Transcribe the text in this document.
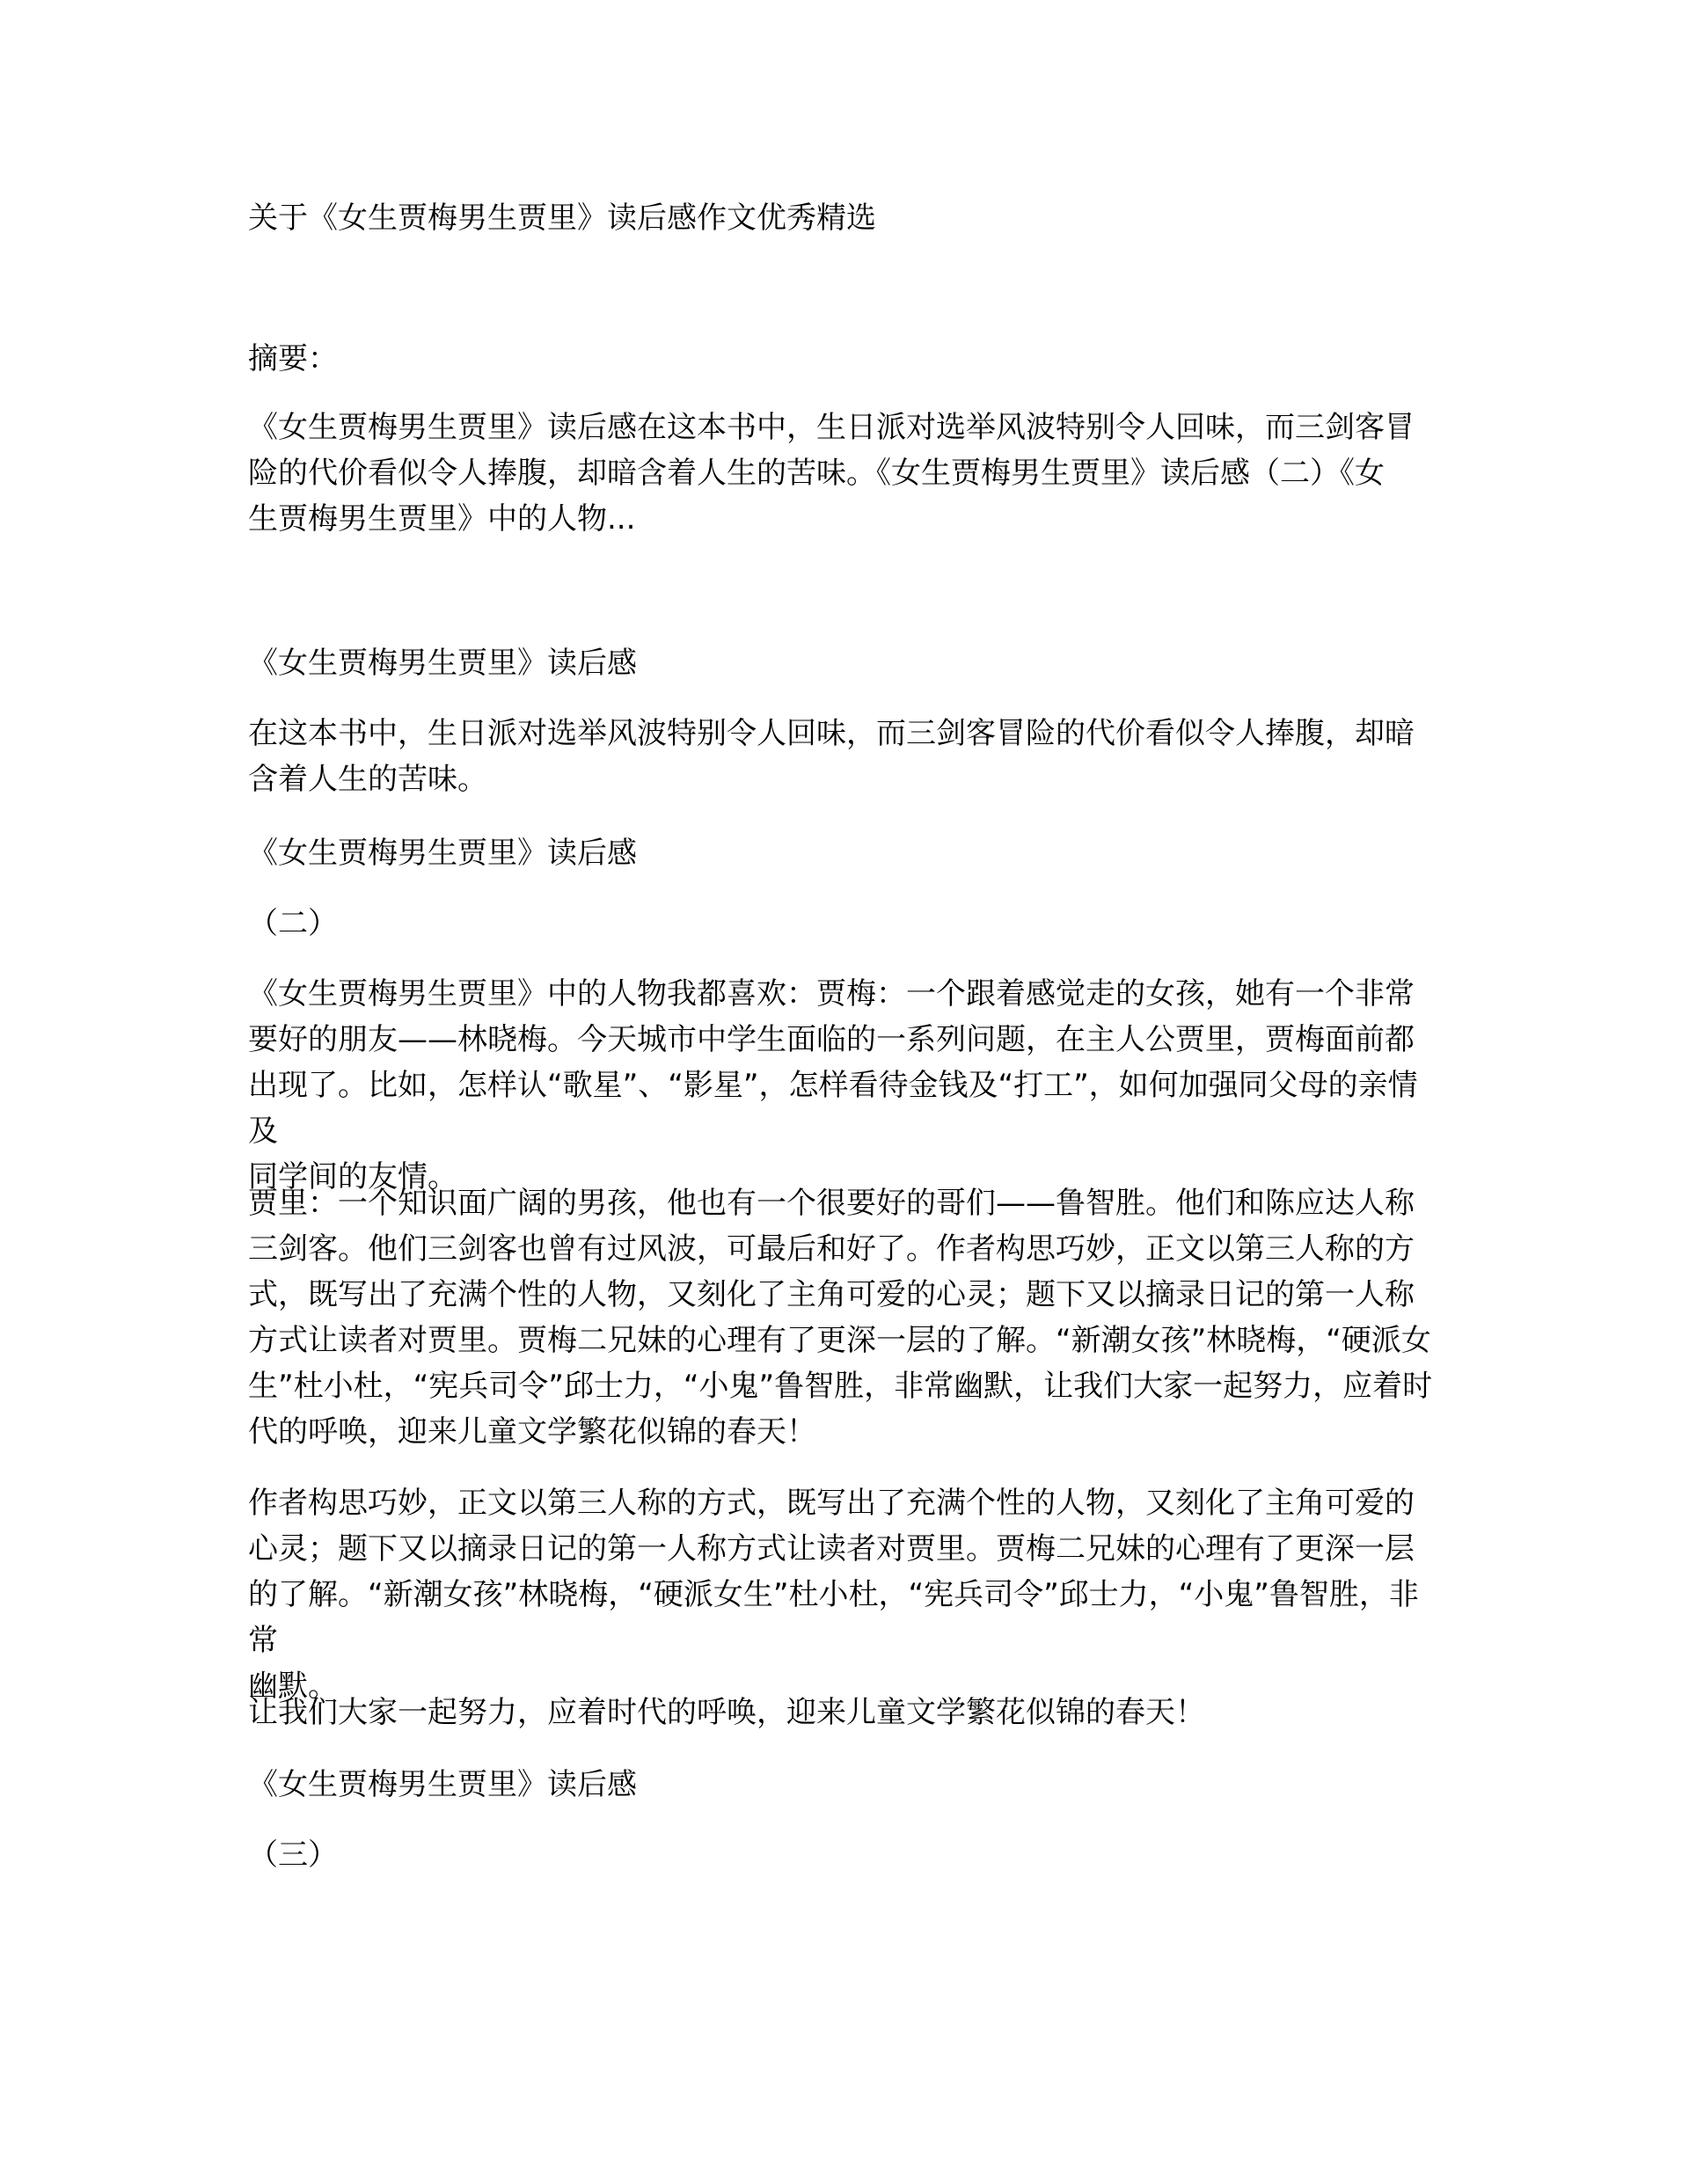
关于《女生贾梅男生贾里》读后感作文优秀精选

摘要：

《女生贾梅男生贾里》读后感在这本书中，生日派对选举风波特别令人回味，而三剑客冒

险的代价看似令人捧腹，却暗含着人生的苦味。《女生贾梅男生贾里》读后感（二）《女

生贾梅男生贾里》中的人物...

《女生贾梅男生贾里》读后感

在这本书中，生日派对选举风波特别令人回味，而三剑客冒险的代价看似令人捧腹，却暗

含着人生的苦味。

《女生贾梅男生贾里》读后感

（二）

《女生贾梅男生贾里》中的人物我都喜欢：贾梅：一个跟着感觉走的女孩，她有一个非常

要好的朋友——林晓梅。今天城市中学生面临的一系列问题，在主人公贾里，贾梅面前都

出现了。比如，怎样认“歌星”、“影星”，怎样看待金钱及“打工”，如何加强同父母的亲情及

同学间的友情。

贾里：一个知识面广阔的男孩，他也有一个很要好的哥们——鲁智胜。他们和陈应达人称

三剑客。他们三剑客也曾有过风波，可最后和好了。作者构思巧妙，正文以第三人称的方

式，既写出了充满个性的人物，又刻化了主角可爱的心灵；题下又以摘录日记的第一人称

方式让读者对贾里。贾梅二兄妹的心理有了更深一层的了解。“新潮女孩”林晓梅，“硬派女

生”杜小杜，“宪兵司令”邱士力，“小鬼”鲁智胜，非常幽默，让我们大家一起努力，应着时

代的呼唤，迎来儿童文学繁花似锦的春天！

作者构思巧妙，正文以第三人称的方式，既写出了充满个性的人物，又刻化了主角可爱的

心灵；题下又以摘录日记的第一人称方式让读者对贾里。贾梅二兄妹的心理有了更深一层

的了解。“新潮女孩”林晓梅，“硬派女生”杜小杜，“宪兵司令”邱士力，“小鬼”鲁智胜，非常

幽默。

让我们大家一起努力，应着时代的呼唤，迎来儿童文学繁花似锦的春天！

《女生贾梅男生贾里》读后感

（三）
